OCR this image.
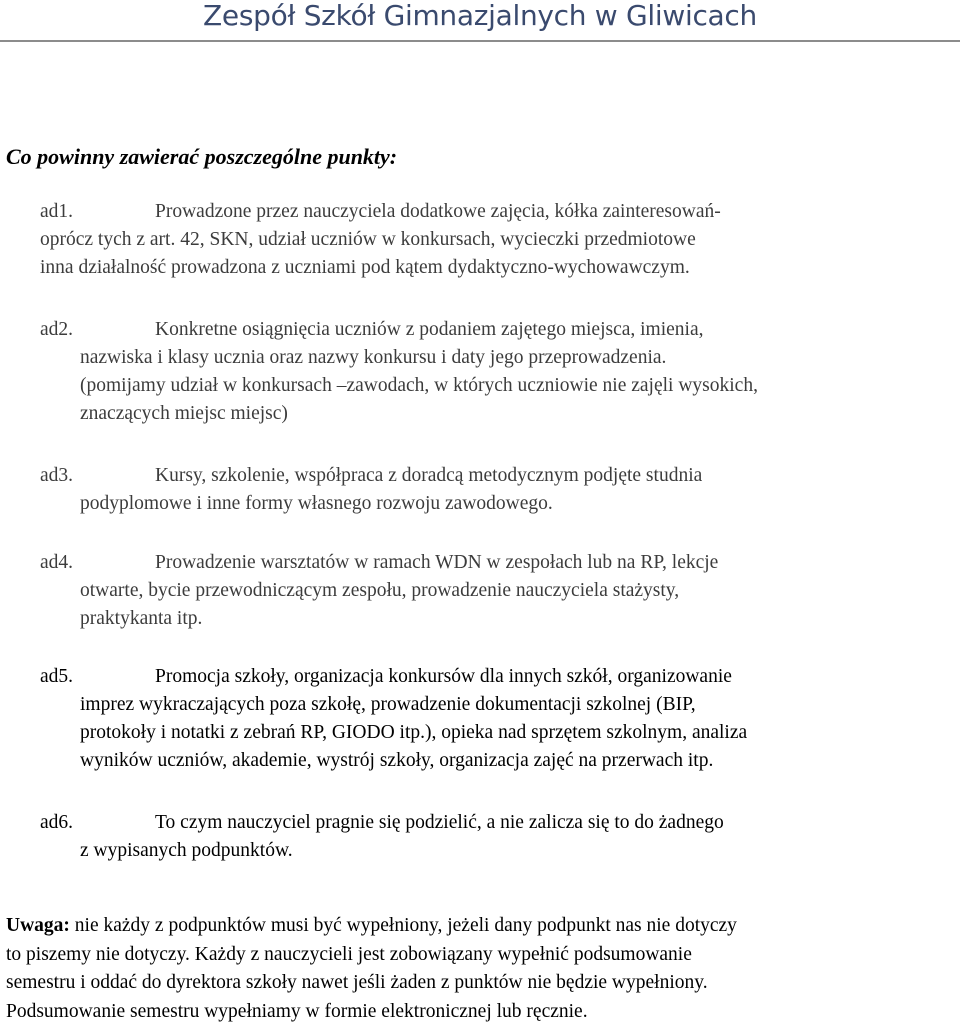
Zespół Szkół Gimnazjalnych w Gliwicach
Co powinny zawierać poszczególne punkty:
ad1.	Prowadzone przez nauczyciela dodatkowe zajęcia, kółka zainteresowań-
oprócz tych z art. 42, SKN, udział uczniów w konkursach, wycieczki przedmiotowe
inna działalność prowadzona z uczniami pod kątem dydaktyczno-wychowawczym.
ad2.	Konkretne osiągnięcia uczniów z podaniem zajętego miejsca, imienia,
nazwiska i klasy ucznia oraz nazwy konkursu i daty jego przeprowadzenia.
(pomijamy udział w konkursach –zawodach, w których uczniowie nie zajęli wysokich,
znaczących miejsc miejsc)
ad3.	Kursy, szkolenie, współpraca z doradcą metodycznym podjęte studnia
podyplomowe i inne formy własnego rozwoju zawodowego.
ad4.	Prowadzenie warsztatów w ramach WDN w zespołach lub na RP, lekcje
otwarte, bycie przewodniczącym zespołu, prowadzenie nauczyciela stażysty,
praktykanta itp.
ad5.	Promocja szkoły, organizacja konkursów dla innych szkół, organizowanie
imprez wykraczających poza szkołę, prowadzenie dokumentacji szkolnej (BIP,
protokoły i notatki z zebrań RP, GIODO itp.), opieka nad sprzętem szkolnym, analiza
wyników uczniów, akademie, wystrój szkoły, organizacja zajęć na przerwach itp.
ad6.	To czym nauczyciel pragnie się podzielić, a nie zalicza się to do żadnego
z wypisanych podpunktów.
Uwaga: nie każdy z podpunktów musi być wypełniony, jeżeli dany podpunkt nas nie dotyczy
to piszemy nie dotyczy. Każdy z nauczycieli jest zobowiązany wypełnić podsumowanie
semestru i oddać do dyrektora szkoły nawet jeśli żaden z punktów nie będzie wypełniony.
Podsumowanie semestru wypełniamy w formie elektronicznej lub ręcznie.
